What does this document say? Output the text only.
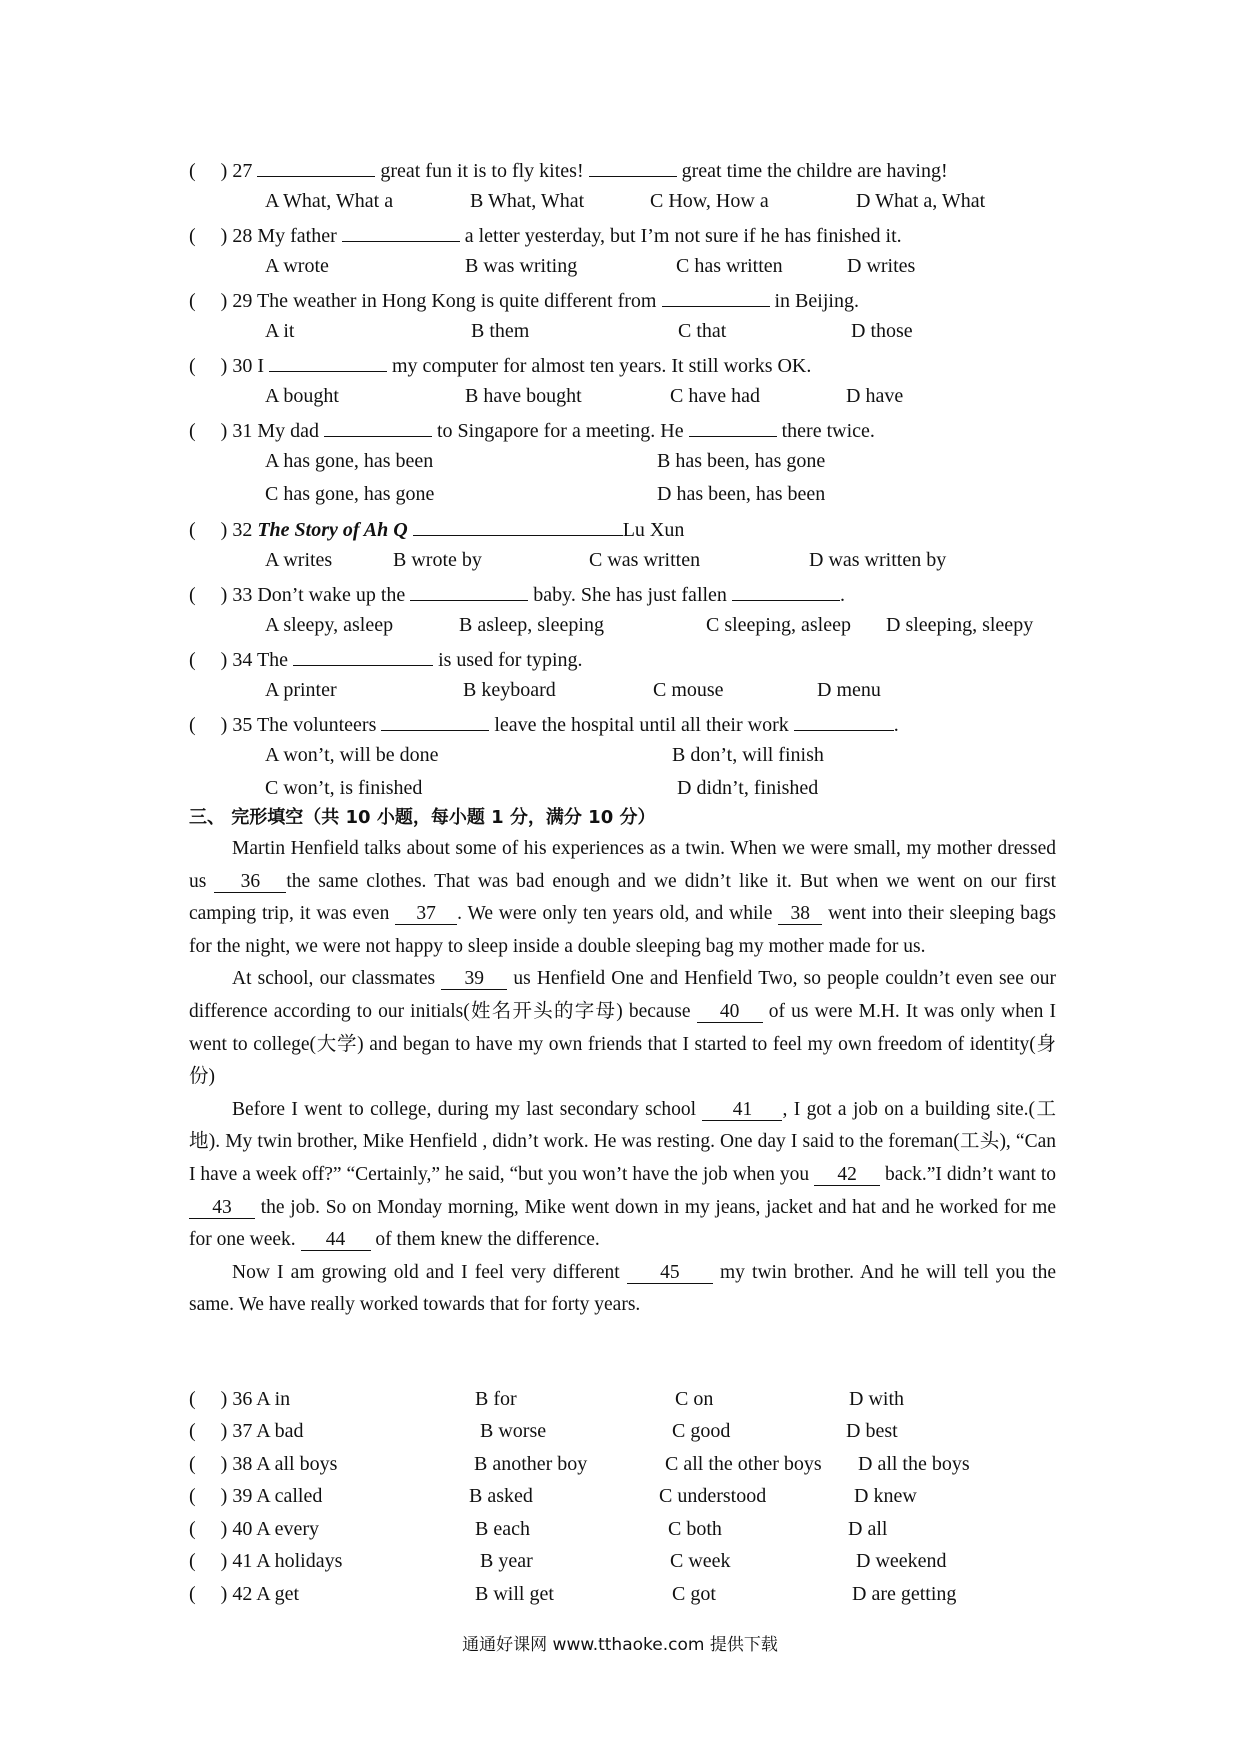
(     ) 27	great fun it is to fly kites!	great time the childre are having!
A What, What a	B What, What	C How, How a	D What a, What
(     ) 28 My father	a letter yesterday, but I’m not sure if he has finished it.
A wrote	B was writing	C has written	D writes
(     ) 29 The weather in Hong Kong is quite different from	in Beijing.
A it	B them	C that	D those
(     ) 30 I	my computer for almost ten years. It still works OK.
A bought	B have bought	C have had	D have
(     ) 31 My dad	to Singapore for a meeting. He	there twice.
A has gone, has been	B has been, has gone
C has gone, has gone	D has been, has been
(     ) 32 The Story of Ah Q	Lu Xun
A writes	B wrote by	C was written	D was written by
(     ) 33 Don’t wake up the	baby. She has just fallen	.
A sleepy, asleep	B asleep, sleeping	C sleeping, asleep D sleeping, sleepy
(     ) 34 The	is used for typing.
A printer	B keyboard	C mouse	D menu
(     ) 35 The volunteers	leave the hospital until all their work	.
A won’t, will be done	B don’t, will finish
C won’t, is finished	D didn’t, finished
三、 完形填空（共 10 小题，每小题 1 分，满分 10 分）

Martin Henfield talks about some of his experiences as a twin. When we were small, my mother dressed us 36 the same clothes. That was bad enough and we didn’t like it. But when we went on our first camping trip, it was even 37 . We were only ten years old, and while 38 went into their sleeping bags for the night, we were not happy to sleep inside a double sleeping bag my mother made for us.

At school, our classmates 39 us Henfield One and Henfield Two, so people couldn’t even see our difference according to our initials(姓名开头的字母) because 40 of us were M.H. It was only when I went to college(大学) and began to have my own friends that I started to feel my own freedom of identity(身份)

Before I went to college, during my last secondary school 41 , I got a job on a building site.(工地). My twin brother, Mike Henfield , didn’t work. He was resting. One day I said to the foreman(工头), “Can I have a week off?” “Certainly,” he said, “but you won’t have the job when you 42 back.”I didn’t want to 43 the job. So on Monday morning, Mike went down in my jeans, jacket and hat and he worked for me for one week. 44 of them knew the difference.

Now I am growing old and I feel very different 45 my twin brother. And he will tell you the same. We have really worked towards that for forty years.

(     ) 36 A in	B for	C on	D with
(     ) 37 A bad	B worse	C good	D best
(     ) 38 A all boys	B another boy	C all the other boys D all the boys
(     ) 39 A called	B asked	C understood	D knew
(     ) 40 A every	B each	C both	D all
(     ) 41 A holidays	B year	C week	D weekend
(     ) 42 A get	B will get	C got	D are getting
通通好课网 www.tthaoke.com 提供下载
